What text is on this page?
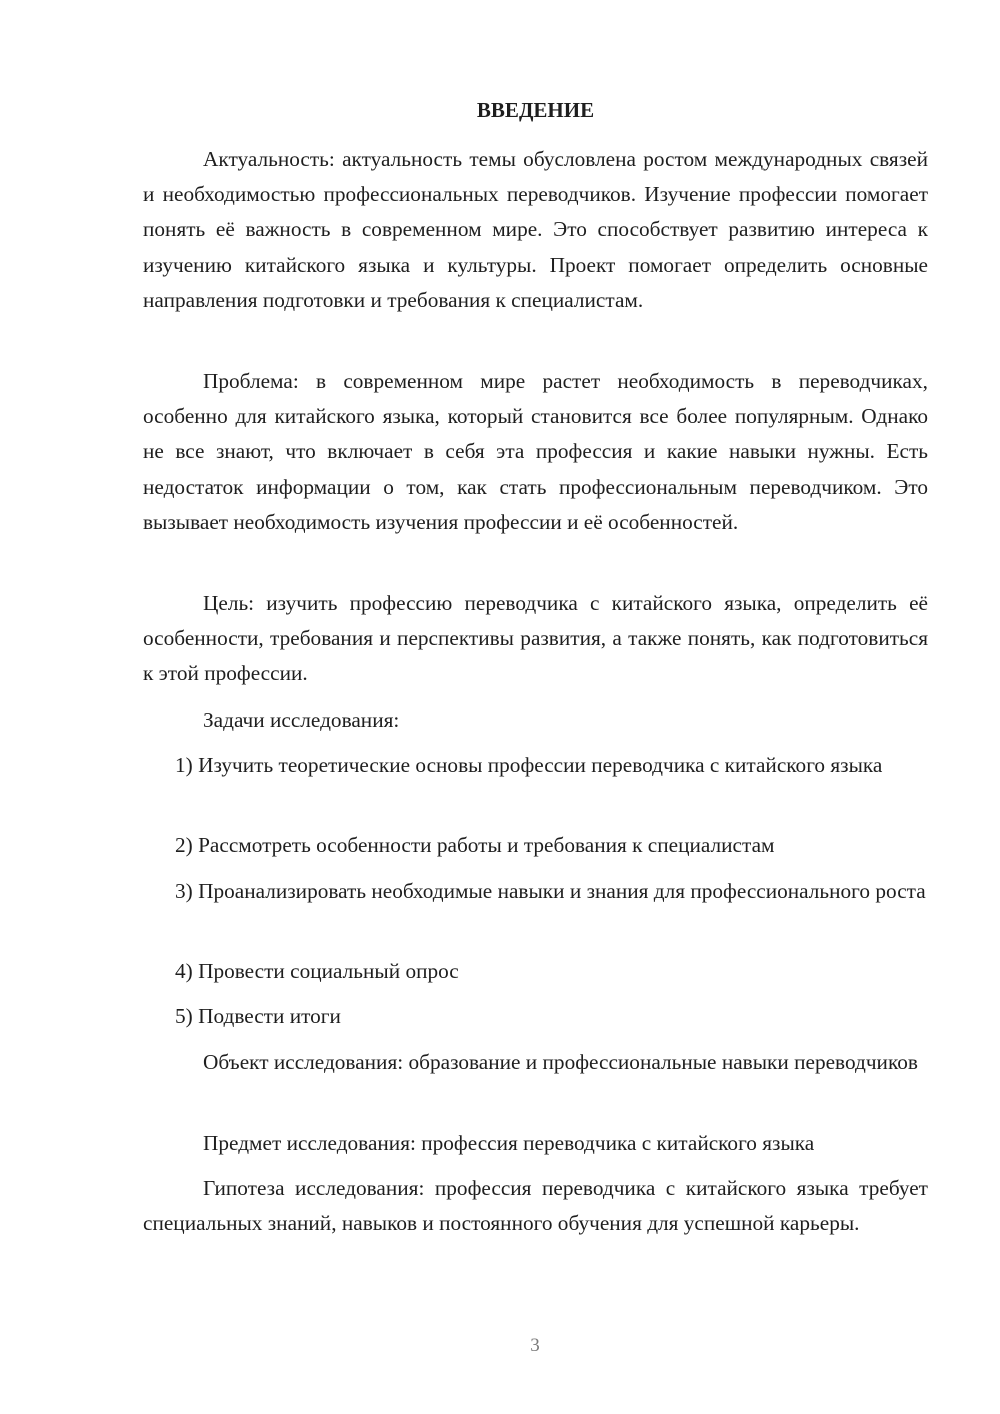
ВВЕДЕНИЕ

Актуальность: актуальность темы обусловлена ростом международных связей и необходимостью профессиональных переводчиков. Изучение профессии помогает понять её важность в современном мире. Это способствует развитию интереса к изучению китайского языка и культуры. Проект помогает определить основные направления подготовки и требования к специалистам.

Проблема: в современном мире растет необходимость в переводчиках, особенно для китайского языка, который становится все более популярным. Однако не все знают, что включает в себя эта профессия и какие навыки нужны. Есть недостаток информации о том, как стать профессиональным переводчиком. Это вызывает необходимость изучения профессии и её особенностей.

Цель: изучить профессию переводчика с китайского языка, определить её особенности, требования и перспективы развития, а также понять, как подготовиться к этой профессии.

Задачи исследования:

1) Изучить теоретические основы профессии переводчика с китайского языка

2) Рассмотреть особенности работы и требования к специалистам

3) Проанализировать необходимые навыки и знания для профессионального роста

4) Провести социальный опрос

5) Подвести итоги

Объект исследования: образование и профессиональные навыки переводчиков

Предмет исследования: профессия переводчика с китайского языка

Гипотеза исследования: профессия переводчика с китайского языка требует специальных знаний, навыков и постоянного обучения для успешной карьеры.

3
